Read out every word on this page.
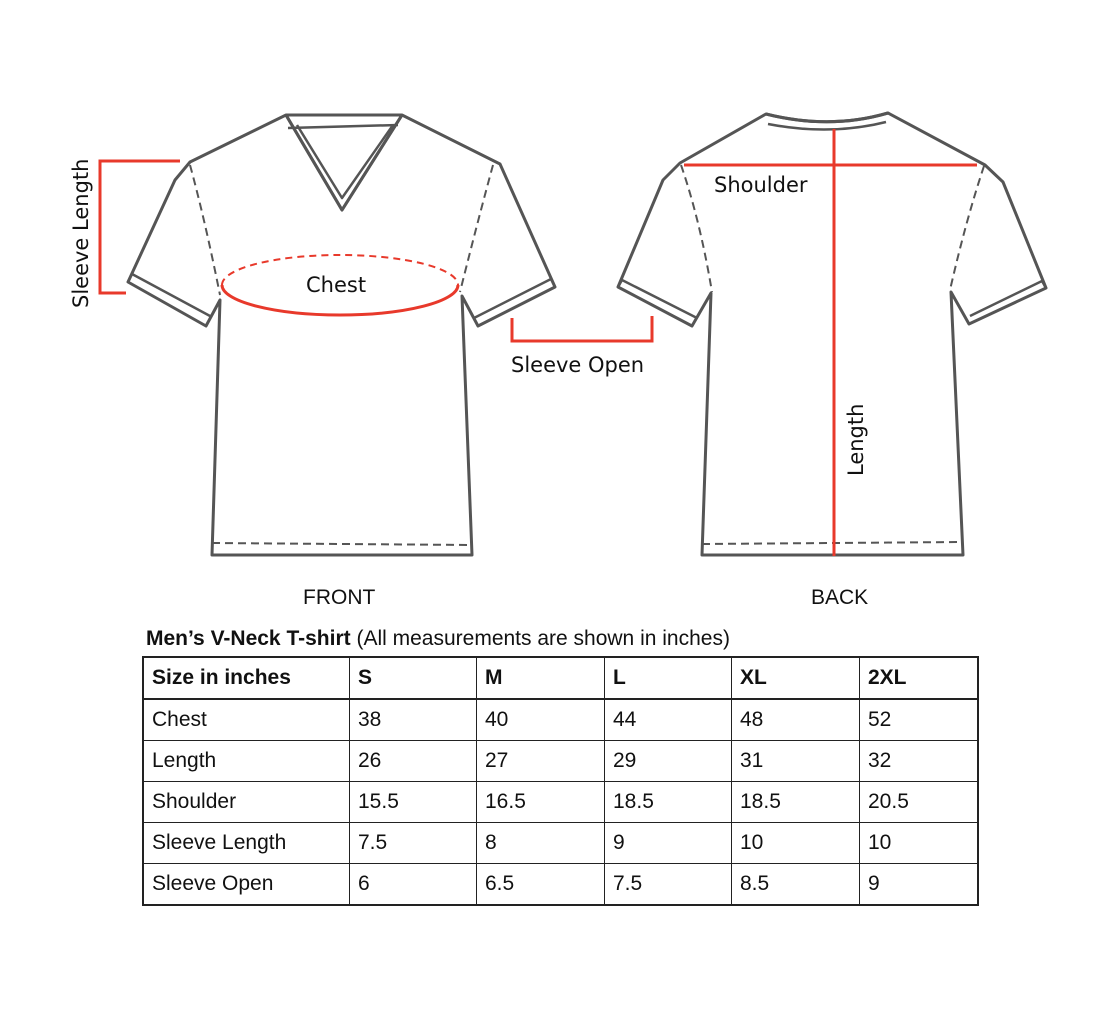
Chest
Sleeve Length
Sleeve Open
Shoulder
Length
FRONT	BACK
Men’s V-Neck T-shirt (All measurements are shown in inches)
Size in inches	S	M	L	XL	2XL
Chest	38	40	44	48	52
Length	26	27	29	31	32
Shoulder	15.5	16.5	18.5	18.5	20.5
Sleeve Length	7.5	8	9	10	10
Sleeve Open	6	6.5	7.5	8.5	9
